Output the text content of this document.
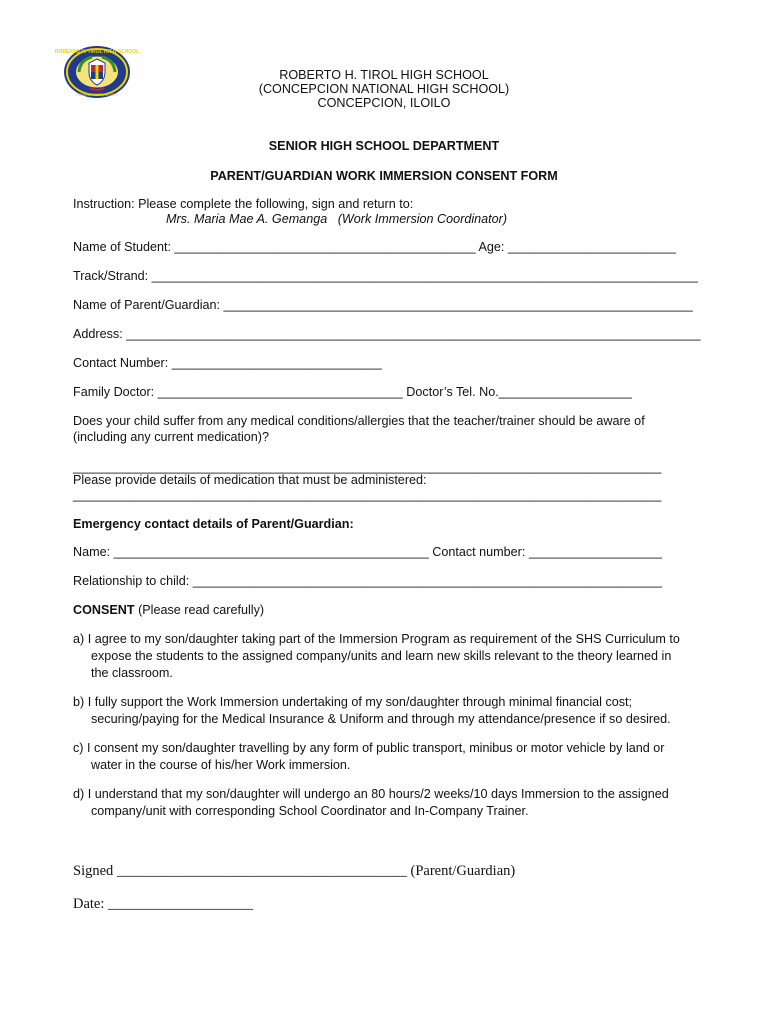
ROBERTO H. TIROL HIGH SCHOOL
CONCEPCION, ILOILO
ROBERTO H. TIROL HIGH SCHOOL
(CONCEPCION NATIONAL HIGH SCHOOL)
CONCEPCION, ILOILO
SENIOR HIGH SCHOOL DEPARTMENT
PARENT/GUARDIAN WORK IMMERSION CONSENT FORM
Instruction: Please complete the following, sign and return to:
Mrs. Maria Mae A. Gemanga   (Work Immersion Coordinator)
Name of Student: ___________________________________________ Age: ________________________
Track/Strand: ______________________________________________________________________________
Name of Parent/Guardian: ___________________________________________________________________
Address: __________________________________________________________________________________
Contact Number: ______________________________
Family Doctor: ___________________________________ Doctor’s Tel. No.___________________
Does your child suffer from any medical conditions/allergies that the teacher/trainer should be aware of
(including any current medication)?
____________________________________________________________________________________
Please provide details of medication that must be administered:
____________________________________________________________________________________
Emergency contact details of Parent/Guardian:
Name: _____________________________________________ Contact number: ___________________
Relationship to child: ___________________________________________________________________
CONSENT (Please read carefully)
a) I agree to my son/daughter taking part of the Immersion Program as requirement of the SHS Curriculum to
expose the students to the assigned company/units and learn new skills relevant to the theory learned in
the classroom.
b) I fully support the Work Immersion undertaking of my son/daughter through minimal financial cost;
securing/paying for the Medical Insurance & Uniform and through my attendance/presence if so desired.
c) I consent my son/daughter travelling by any form of public transport, minibus or motor vehicle by land or
water in the course of his/her Work immersion.
d) I understand that my son/daughter will undergo an 80 hours/2 weeks/10 days Immersion to the assigned
company/unit with corresponding School Coordinator and In-Company Trainer.
Signed ________________________________________ (Parent/Guardian)
Date: ____________________
